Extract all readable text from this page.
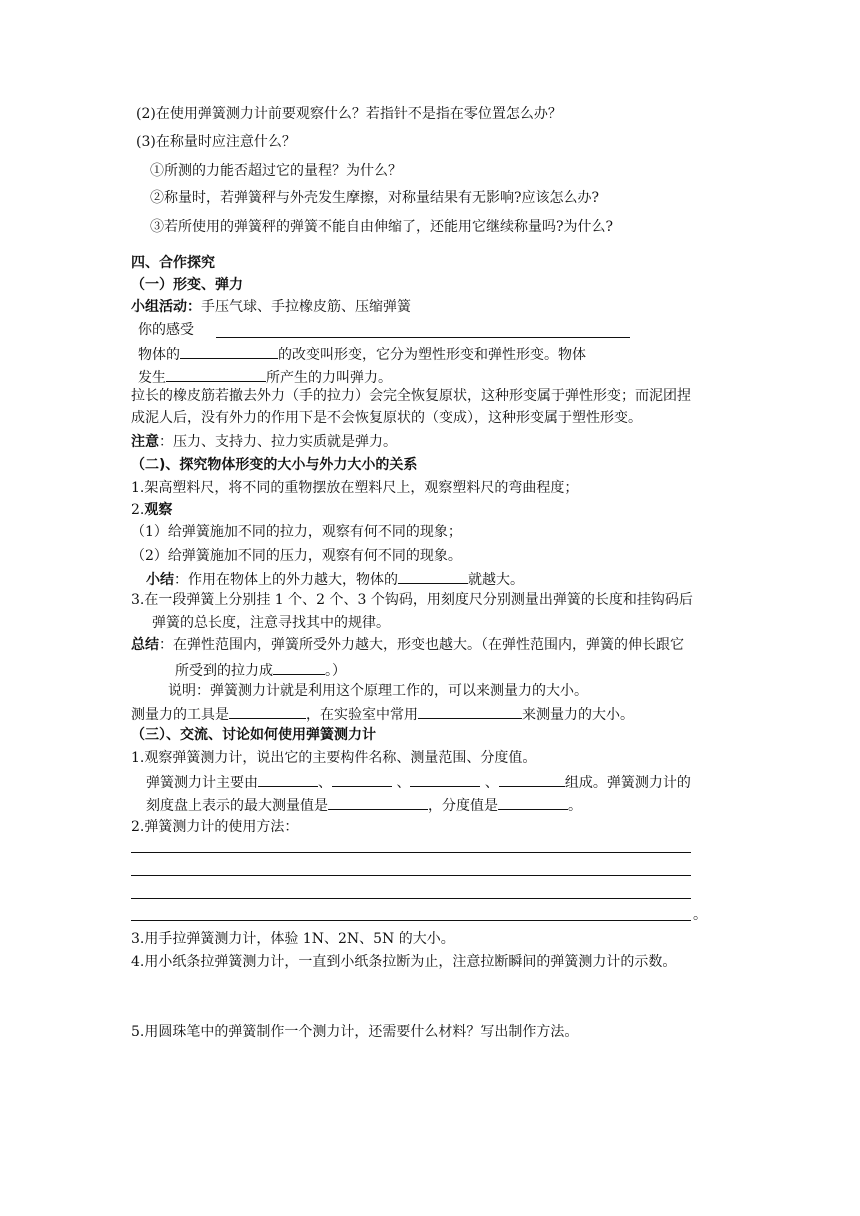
(2)在使用弹簧测力计前要观察什么？若指针不是指在零位置怎么办？
(3)在称量时应注意什么？
①所测的力能否超过它的量程？为什么？
②称量时，若弹簧秤与外壳发生摩擦，对称量结果有无影响?应该怎么办?
③若所使用的弹簧秤的弹簧不能自由伸缩了，还能用它继续称量吗?为什么?
四、合作探究
（一）形变、弹力
小组活动：手压气球、手拉橡皮筋、压缩弹簧
你的感受
物体的	的改变叫形变，它分为塑性形变和弹性形变。物体
发生	所产生的力叫弹力。
拉长的橡皮筋若撤去外力（手的拉力）会完全恢复原状，这种形变属于弹性形变；而泥团捏
成泥人后，没有外力的作用下是不会恢复原状的（变成），这种形变属于塑性形变。
注意：压力、支持力、拉力实质就是弹力。
（二)、探究物体形变的大小与外力大小的关系
1.架高塑料尺，将不同的重物摆放在塑料尺上，观察塑料尺的弯曲程度；
2.观察
（1）给弹簧施加不同的拉力，观察有何不同的现象；
（2）给弹簧施加不同的压力，观察有何不同的现象。
小结：作用在物体上的外力越大，物体的	就越大。
3.在一段弹簧上分别挂 1 个、2 个、3 个钩码，用刻度尺分别测量出弹簧的长度和挂钩码后
弹簧的总长度，注意寻找其中的规律。
总结：在弹性范围内，弹簧所受外力越大，形变也越大。（在弹性范围内，弹簧的伸长跟它
所受到的拉力成	。）
说明：弹簧测力计就是利用这个原理工作的，可以来测量力的大小。
测量力的工具是	，在实验室中常用	来测量力的大小。
（三）、交流、讨论如何使用弹簧测力计
1.观察弹簧测力计，说出它的主要构件名称、测量范围、分度值。
弹簧测力计主要由	、	、	、	组成。弹簧测力计的
刻度盘上表示的最大测量值是	，分度值是	。
2.弹簧测力计的使用方法：
。
3.用手拉弹簧测力计，体验 1N、2N、5N 的大小。
4.用小纸条拉弹簧测力计，一直到小纸条拉断为止，注意拉断瞬间的弹簧测力计的示数。
5.用圆珠笔中的弹簧制作一个测力计，还需要什么材料？写出制作方法。
